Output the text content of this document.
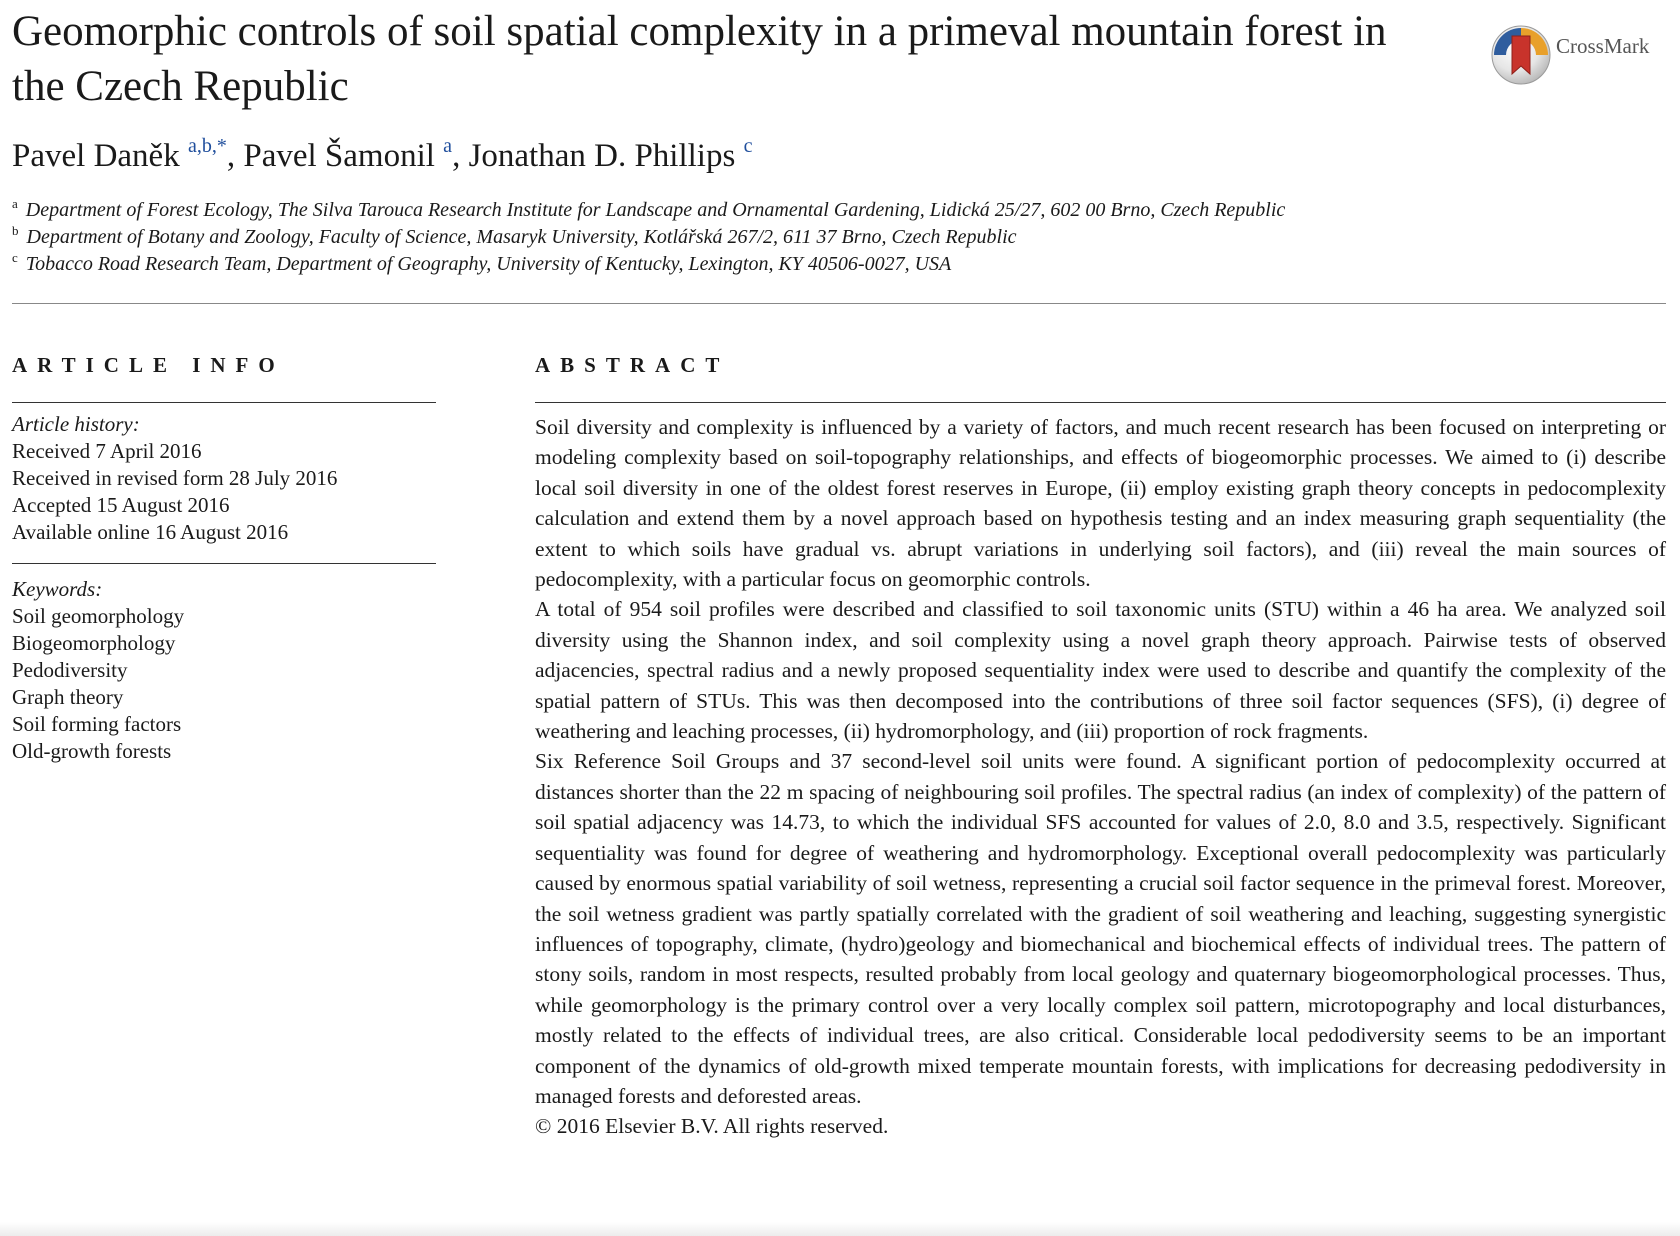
Geomorphic controls of soil spatial complexity in a primeval mountain forest in the Czech Republic
CrossMark
Pavel Daněk $^{a,b,*}$, Pavel Šamonil $^a$, Jonathan D. Phillips $^c$
$^a$ Department of Forest Ecology, The Silva Tarouca Research Institute for Landscape and Ornamental Gardening, Lidická 25/27, 602 00 Brno, Czech Republic
$^b$ Department of Botany and Zoology, Faculty of Science, Masaryk University, Kotlářská 267/2, 611 37 Brno, Czech Republic
$^c$ Tobacco Road Research Team, Department of Geography, University of Kentucky, Lexington, KY 40506-0027, USA
ARTICLE INFO	ABSTRACT
Article history:
Received 7 April 2016
Received in revised form 28 July 2016
Accepted 15 August 2016
Available online 16 August 2016
Keywords:
Soil geomorphology
Biogeomorphology
Pedodiversity
Graph theory
Soil forming factors
Old-growth forests

Soil diversity and complexity is influenced by a variety of factors, and much recent research has been focused on interpreting or modeling complexity based on soil-topography relationships, and effects of biogeomorphic processes. We aimed to (i) describe local soil diversity in one of the oldest forest reserves in Europe, (ii) employ existing graph theory concepts in pedocomplexity calculation and extend them by a novel approach based on hypothesis testing and an index measuring graph sequentiality (the extent to which soils have gradual vs. abrupt variations in underlying soil factors), and (iii) reveal the main sources of pedocomplexity, with a particular focus on geomorphic controls.

A total of 954 soil profiles were described and classified to soil taxonomic units (STU) within a 46 ha area. We analyzed soil diversity using the Shannon index, and soil complexity using a novel graph theory approach. Pairwise tests of observed adjacencies, spectral radius and a newly proposed sequentiality index were used to describe and quantify the complexity of the spatial pattern of STUs. This was then decomposed into the contributions of three soil factor sequences (SFS), (i) degree of weathering and leaching processes, (ii) hydromorphology, and (iii) proportion of rock fragments.

Six Reference Soil Groups and 37 second-level soil units were found. A significant portion of pedocomplexity occurred at distances shorter than the 22 m spacing of neighbouring soil profiles. The spectral radius (an index of complexity) of the pattern of soil spatial adjacency was 14.73, to which the individual SFS accounted for values of 2.0, 8.0 and 3.5, respectively. Significant sequentiality was found for degree of weathering and hydromorphology. Exceptional overall pedocomplexity was particularly caused by enormous spatial variability of soil wetness, representing a crucial soil factor sequence in the primeval forest. Moreover, the soil wetness gradient was partly spatially correlated with the gradient of soil weathering and leaching, suggesting synergistic influences of topography, climate, (hydro)geology and biomechanical and biochemical effects of individual trees. The pattern of stony soils, random in most respects, resulted probably from local geology and quaternary biogeomorphological processes. Thus, while geomorphology is the primary control over a very locally complex soil pattern, microtopography and local disturbances, mostly related to the effects of individual trees, are also critical. Considerable local pedodiversity seems to be an important component of the dynamics of old-growth mixed temperate mountain forests, with implications for decreasing pedodiversity in managed forests and deforested areas.

© 2016 Elsevier B.V. All rights reserved.
